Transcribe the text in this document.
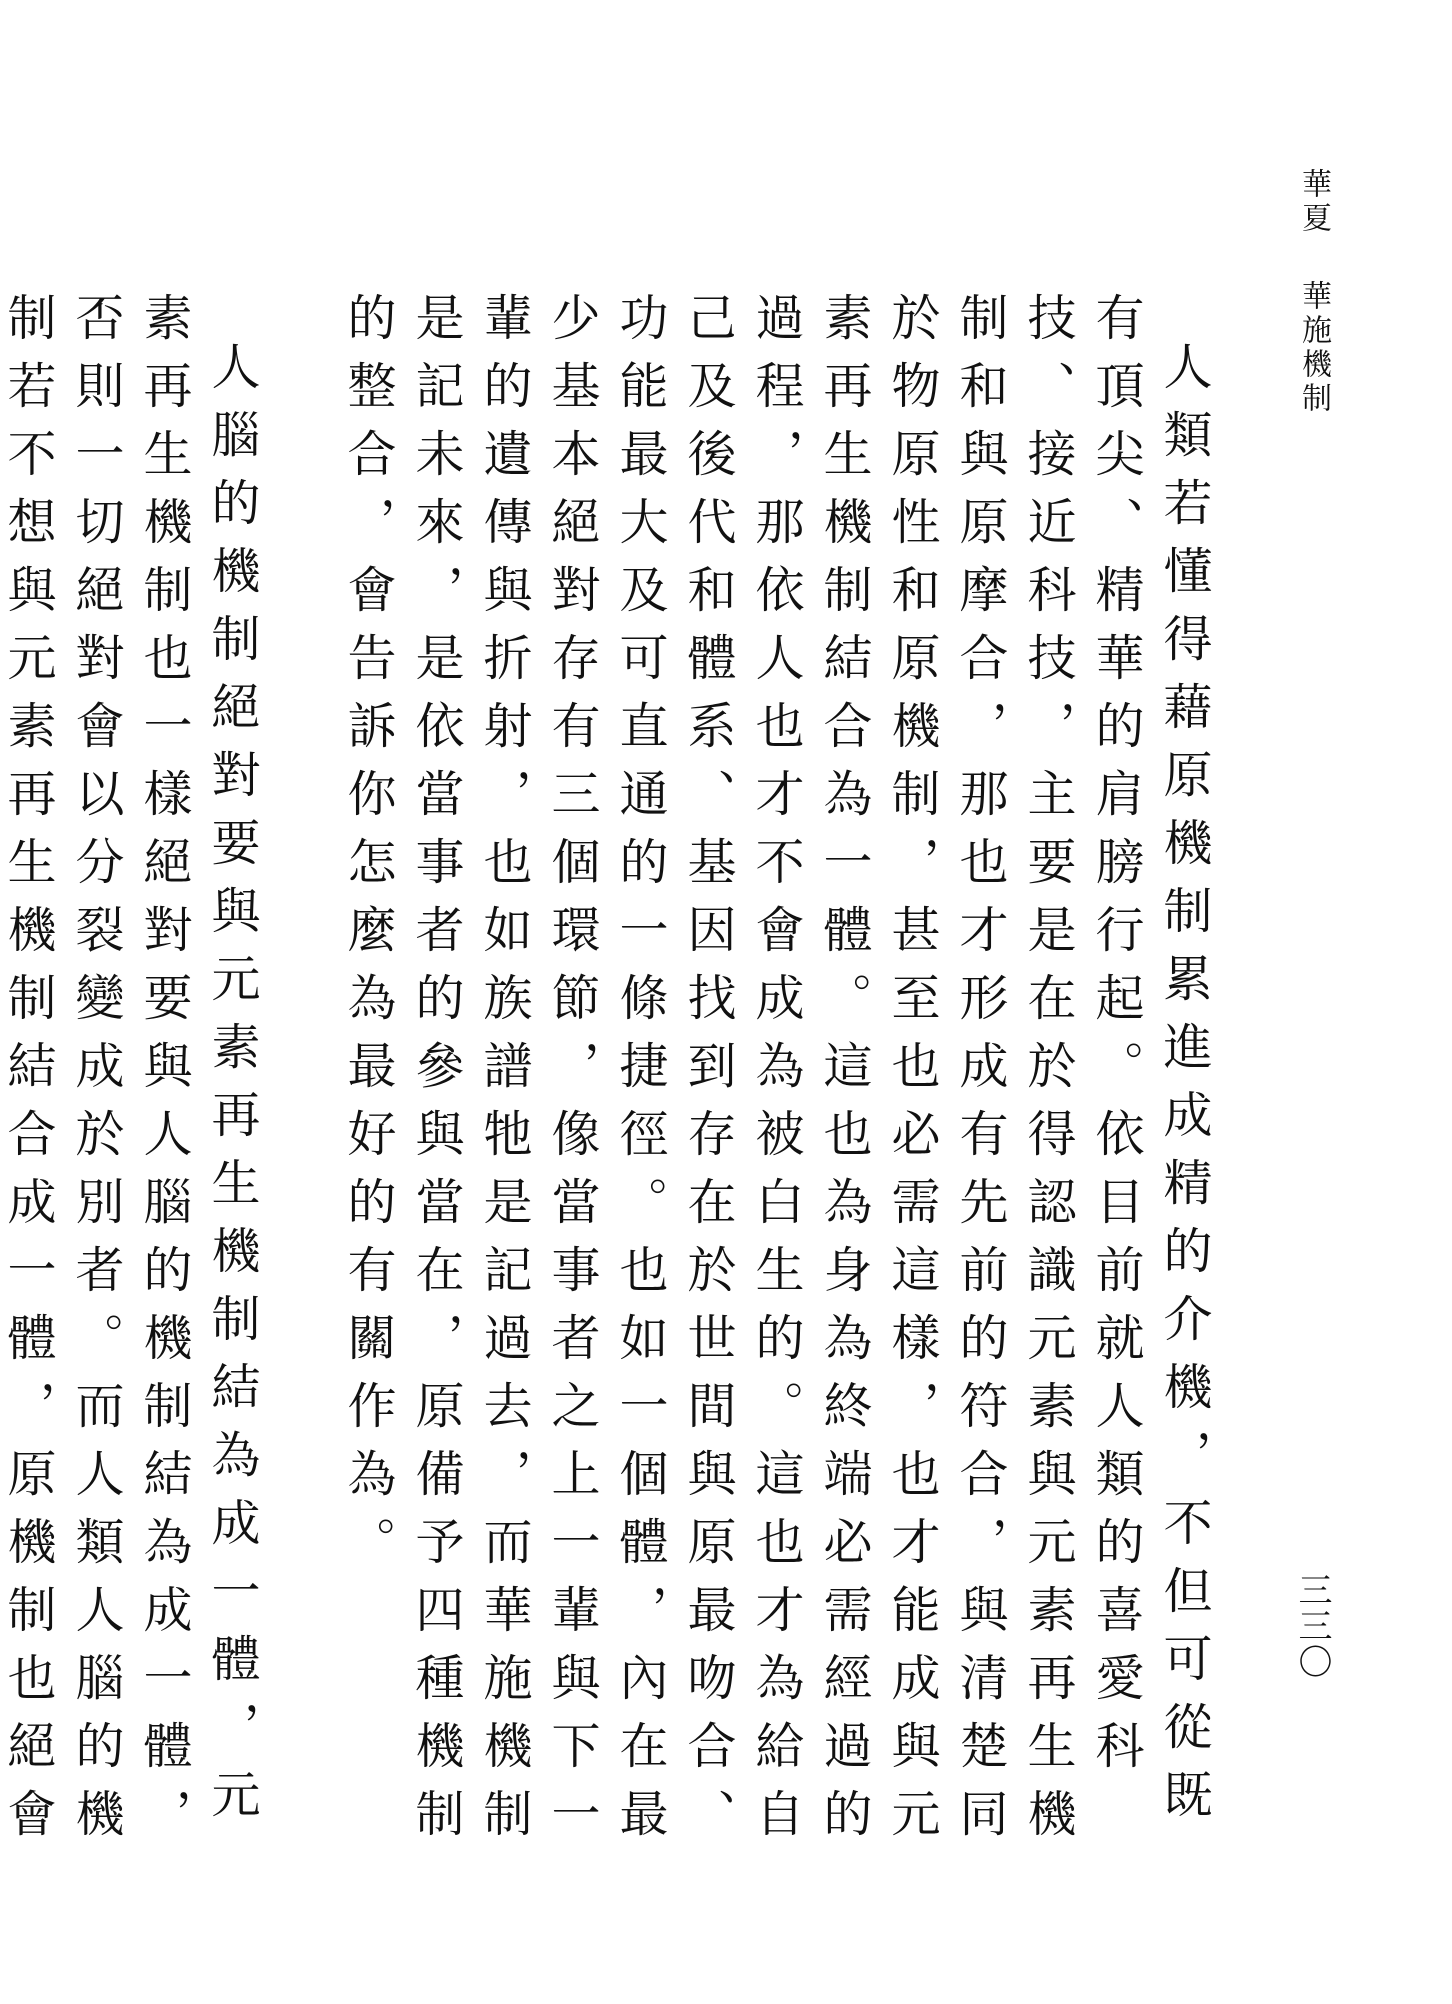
華夏華施機制
三三〇

人類若懂得藉原機制累進成精的介機，不但可從既有頂尖、精華的肩膀行起。依目前就人類的喜愛科技、接近科技，主要是在於得認識元素與元素再生機制和與原摩合，那也才形成有先前的符合，與清楚同於物原性和原機制，甚至也必需這樣，也才能成與元素再生機制結合為一體。這也為身為終端必需經過的過程，那依人也才不會成為被白生的。這也才為給自己及後代和體系、基因找到存在於世間與原最吻合、功能最大及可直通的一條捷徑。也如一個體，內在最少基本絕對存有三個環節，像當事者之上一輩與下一輩的遺傳與折射，也如族譜牠是記過去，而華施機制是記未來，是依當事者的參與當在，原備予四種機制的整合，會告訴你怎麼為最好的有關作為。

人腦的機制絕對要與元素再生機制結為成一體，元素再生機制也一樣絕對要與人腦的機制結為成一體，否則一切絕對會以分裂變成於別者。而人類人腦的機制若不想與元素再生機制結合成一體，原機制也絕會
